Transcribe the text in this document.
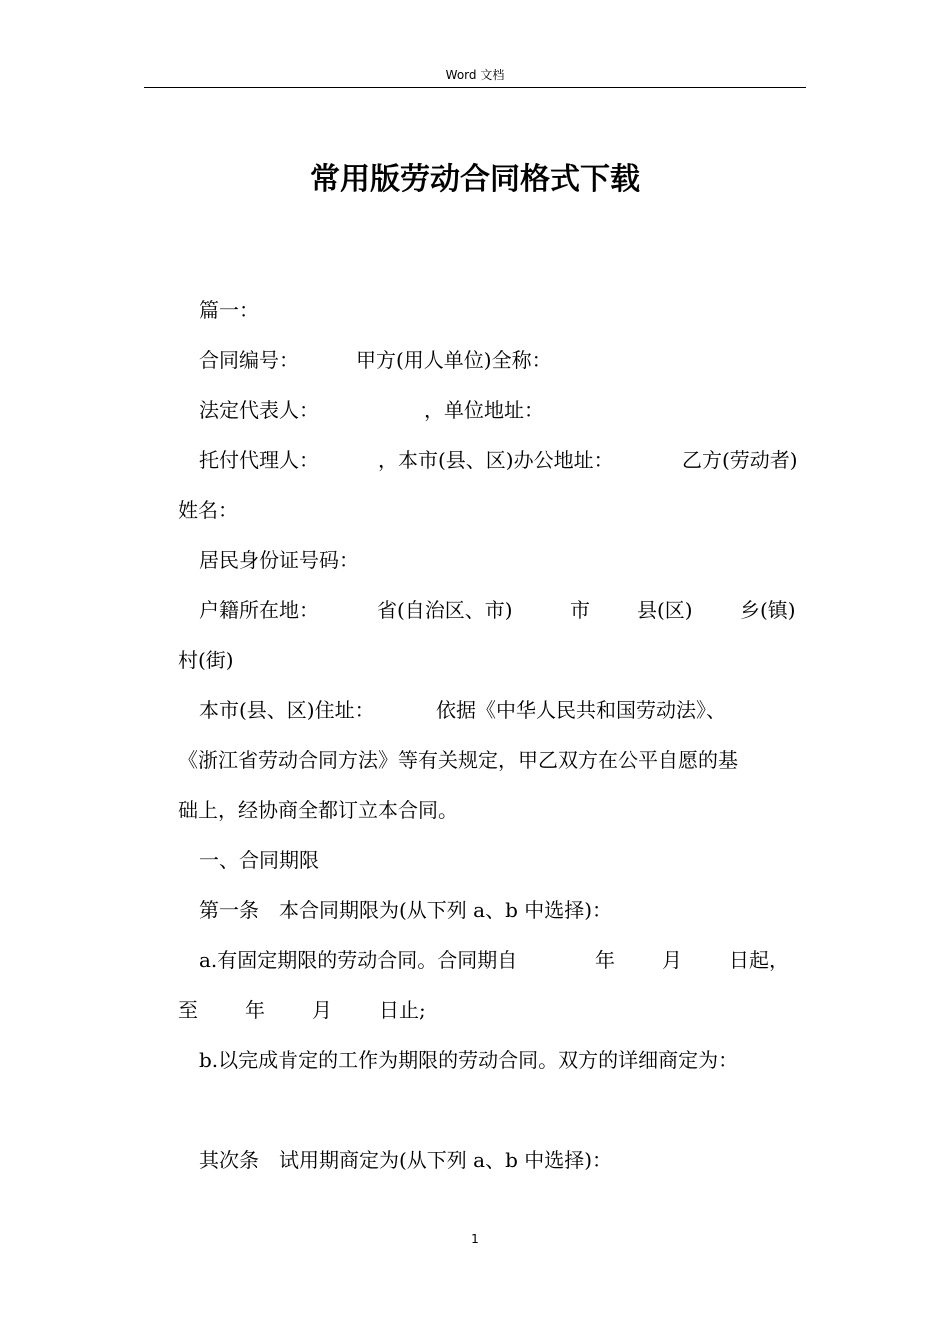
Word 文档
常用版劳动合同格式下载
篇一：
合同编号：	甲方(用人单位)全称：
法定代表人：	，单位地址：
托付代理人：	，本市(县、区)办公地址：	乙方(劳动者)
姓名：
居民身份证号码：
户籍所在地：	省(自治区、市)	市 县(区) 乡(镇)
村(街)
本市(县、区)住址：	依据《中华人民共和国劳动法》、
《浙江省劳动合同方法》等有关规定，甲乙双方在公平自愿的基
础上，经协商全都订立本合同。
一、合同期限
第一条　本合同期限为(从下列 a、b 中选择)：
a.有固定期限的劳动合同。合同期自	年 月 日起，
至 年 月 日止;
b.以完成肯定的工作为期限的劳动合同。双方的详细商定为：
其次条　试用期商定为(从下列 a、b 中选择)：
1
